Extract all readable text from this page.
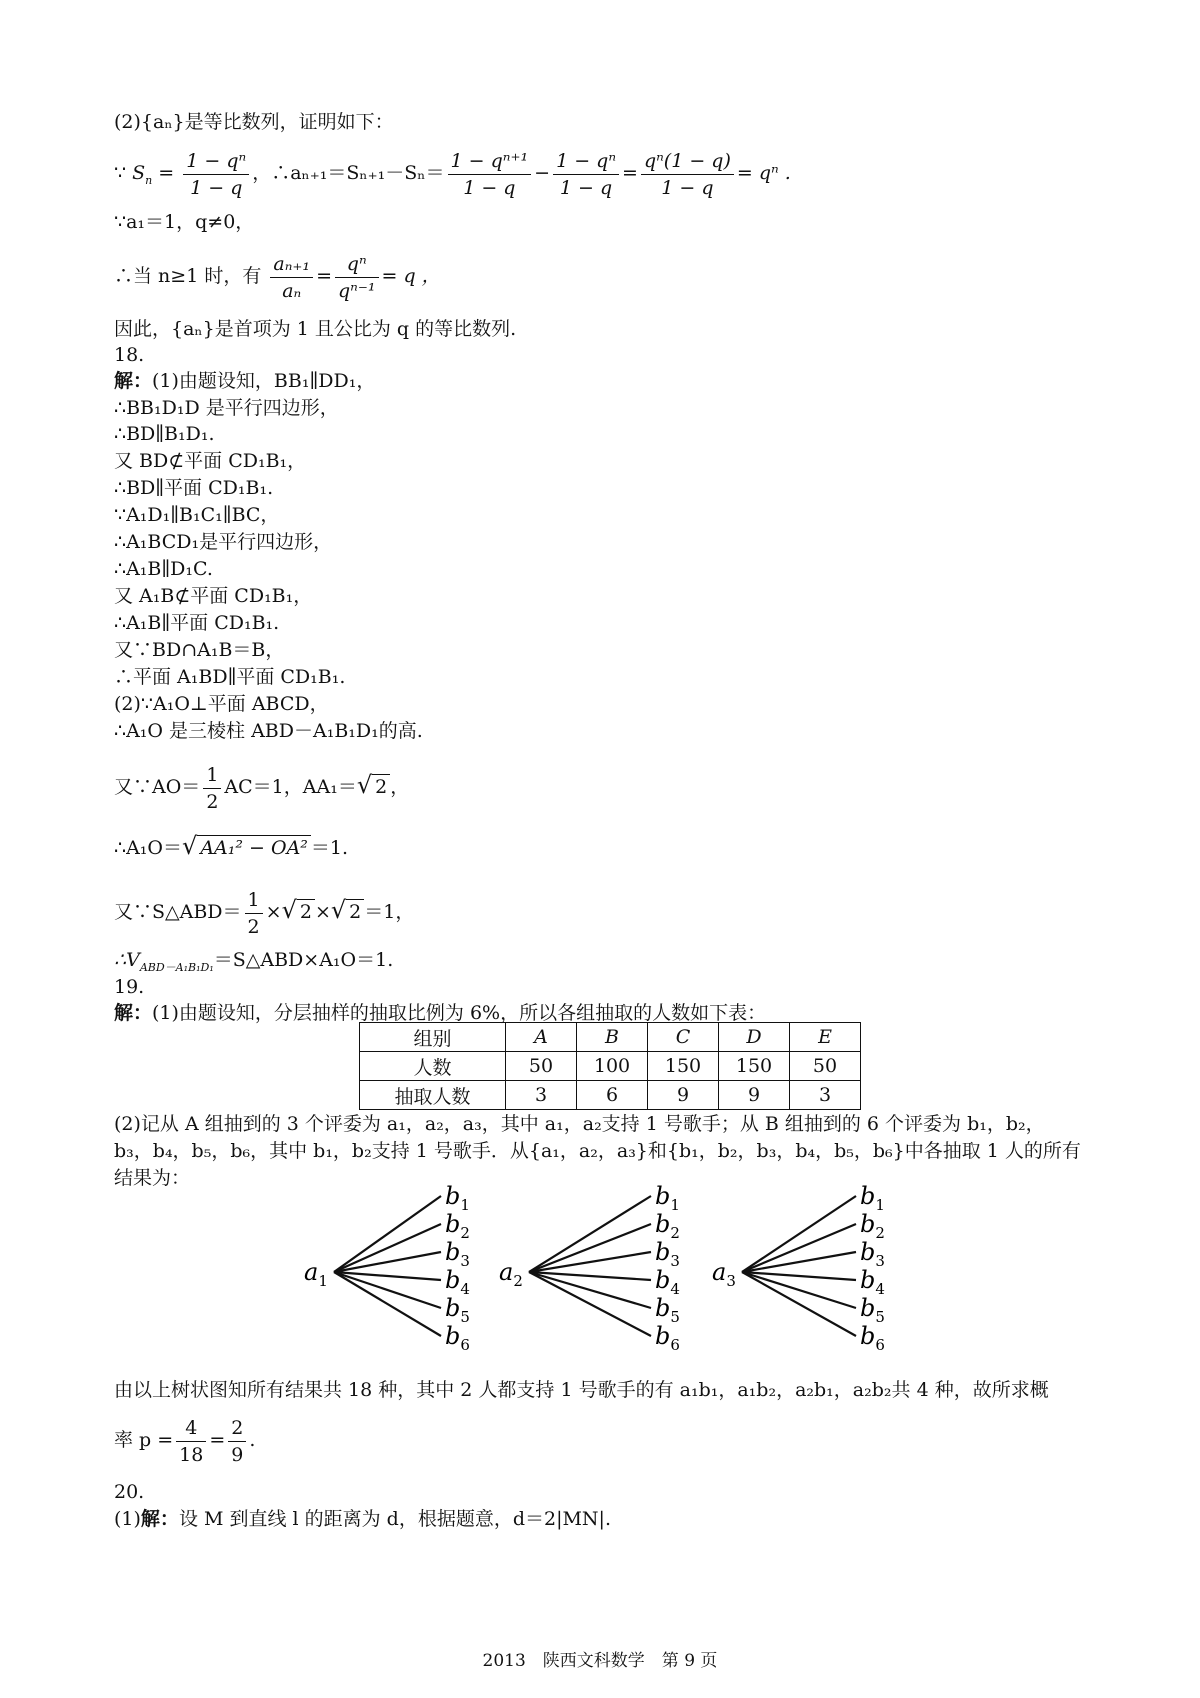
(2){aₙ}是等比数列，证明如下：
∵ $S_n = \frac{\text{1 − qⁿ}}{1 - q}$ ，∴aₙ₊₁＝Sₙ₊₁－Sₙ＝ $\frac{\text{1 − qⁿ⁺¹}}{1 - q} - \frac{\text{1 − qⁿ}}{1 - q} = \frac{\text{qⁿ(1 − q)}}{1 - q} = q^n$ .
∵a₁＝1，q≠0，
∴当 n≥1 时，有 $\frac{\text{aₙ₊₁}}{\text{aₙ}} = \frac{\text{qⁿ}}{\text{qⁿ⁻¹}} = q$ ，
因此，{aₙ}是首项为 1 且公比为 q 的等比数列.
18.
解：(1)由题设知，BB₁∥DD₁，
∴BB₁D₁D 是平行四边形，
∴BD∥B₁D₁.
又 BD⊄平面 CD₁B₁，
∴BD∥平面 CD₁B₁.
∵A₁D₁∥B₁C₁∥BC，
∴A₁BCD₁是平行四边形，
∴A₁B∥D₁C.
又 A₁B⊄平面 CD₁B₁，
∴A₁B∥平面 CD₁B₁.
又∵BD∩A₁B＝B，
∴平面 A₁BD∥平面 CD₁B₁.
(2)∵A₁O⊥平面 ABCD，
∴A₁O 是三棱柱 ABD－A₁B₁D₁的高.
又∵AO＝ $\frac{1}{2} AC=1$，AA₁＝√ 2 ，
∴A₁O＝√ AA₁² − OA² ＝1.
又∵S△ABD＝ $\frac{1}{2}$ ×√ 2 ×√ 2 ＝1，
$\therefore V_{ABD-A_1B_1D_1}=S\triangle ABD\times A_1O=1$.
19.
解：(1)由题设知，分层抽样的抽取比例为 6%，所以各组抽取的人数如下表：
组别	A	B	C	D	E
人数	50	100	150	150	50
抽取人数	3	6	9	9	3
(2)记从 A 组抽到的 3 个评委为 a₁，a₂，a₃，其中 a₁，a₂支持 1 号歌手；从 B 组抽到的 6 个评委为 b₁，b₂，
b₃，b₄，b₅，b₆，其中 b₁，b₂支持 1 号歌手．从{a₁，a₂，a₃}和{b₁，b₂，b₃，b₄，b₅，b₆}中各抽取 1 人的所有
结果为：
$a_1$
$b_1$
$b_2$
$b_3$
$b_4$
$b_5$
$b_6$
$a_2$
$b_1$
$b_2$
$b_3$
$b_4$
$b_5$
$b_6$
$a_3$
$b_1$
$b_2$
$b_3$
$b_4$
$b_5$
$b_6$
由以上树状图知所有结果共 18 种，其中 2 人都支持 1 号歌手的有 a₁b₁，a₁b₂，a₂b₁，a₂b₂共 4 种，故所求概
率 $p = \frac{4}{18} = \frac{2}{9}$ .
20.
(1)解：设 M 到直线 l 的距离为 d，根据题意，d＝2|MN|.
2013　陕西文科数学　第 9 页
